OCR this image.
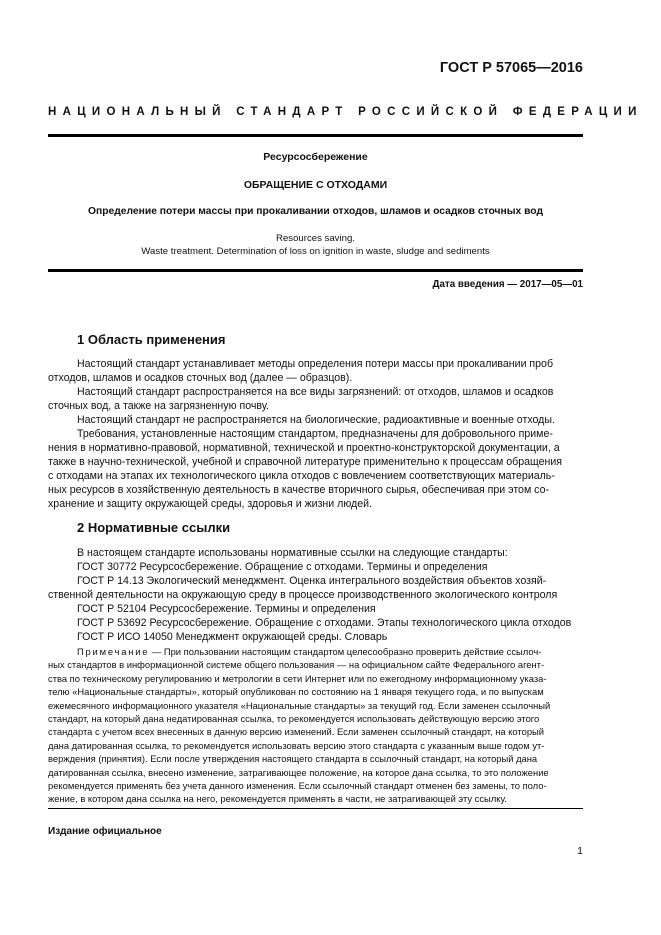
ГОСТ Р 57065—2016
НАЦИОНАЛЬНЫЙ СТАНДАРТ РОССИЙСКОЙ ФЕДЕРАЦИИ
Ресурсосбережение
ОБРАЩЕНИЕ С ОТХОДАМИ
Определение потери массы при прокаливании отходов, шламов и осадков сточных вод
Resources saving.
Waste treatment. Determination of loss on ignition in waste, sludge and sediments
Дата введения — 2017—05—01
1 Область применения
Настоящий стандарт устанавливает методы определения потери массы при прокаливании проб
отходов, шламов и осадков сточных вод (далее — образцов).
Настоящий стандарт распространяется на все виды загрязнений: от отходов, шламов и осадков
сточных вод, а также на загрязненную почву.
Настоящий стандарт не распространяется на биологические, радиоактивные и военные отходы.
Требования, установленные настоящим стандартом, предназначены для добровольного приме-
нения в нормативно-правовой, нормативной, технической и проектно-конструкторской документации, а
также в научно-технической, учебной и справочной литературе применительно к процессам обращения
с отходами на этапах их технологического цикла отходов с вовлечением соответствующих материаль-
ных ресурсов в хозяйственную деятельность в качестве вторичного сырья, обеспечивая при этом со-
хранение и защиту окружающей среды, здоровья и жизни людей.
2 Нормативные ссылки
В настоящем стандарте использованы нормативные ссылки на следующие стандарты:
ГОСТ 30772 Ресурсосбережение. Обращение с отходами. Термины и определения
ГОСТ Р 14.13 Экологический менеджмент. Оценка интегрального воздействия объектов хозяй-
ственной деятельности на окружающую среду в процессе производственного экологического контроля
ГОСТ Р 52104 Ресурсосбережение. Термины и определения
ГОСТ Р 53692 Ресурсосбережение. Обращение с отходами. Этапы технологического цикла отходов
ГОСТ Р ИСО 14050 Менеджмент окружающей среды. Словарь
Примечание — При пользовании настоящим стандартом целесообразно проверить действие ссылоч-
ных стандартов в информационной системе общего пользования — на официальном сайте Федерального агент-
ства по техническому регулированию и метрологии в сети Интернет или по ежегодному информационному указа-
телю «Национальные стандарты», который опубликован по состоянию на 1 января текущего года, и по выпускам
ежемесячного информационного указателя «Национальные стандарты» за текущий год. Если заменен ссылочный
стандарт, на который дана недатированная ссылка, то рекомендуется использовать действующую версию этого
стандарта с учетом всех внесенных в данную версию изменений. Если заменен ссылочный стандарт, на который
дана датированная ссылка, то рекомендуется использовать версию этого стандарта с указанным выше годом ут-
верждения (принятия). Если после утверждения настоящего стандарта в ссылочный стандарт, на который дана
датированная ссылка, внесено изменение, затрагивающее положение, на которое дана ссылка, то это положение
рекомендуется применять без учета данного изменения. Если ссылочный стандарт отменен без замены, то поло-
жение, в котором дана ссылка на него, рекомендуется применять в части, не затрагивающей эту ссылку.
Издание официальное
1
